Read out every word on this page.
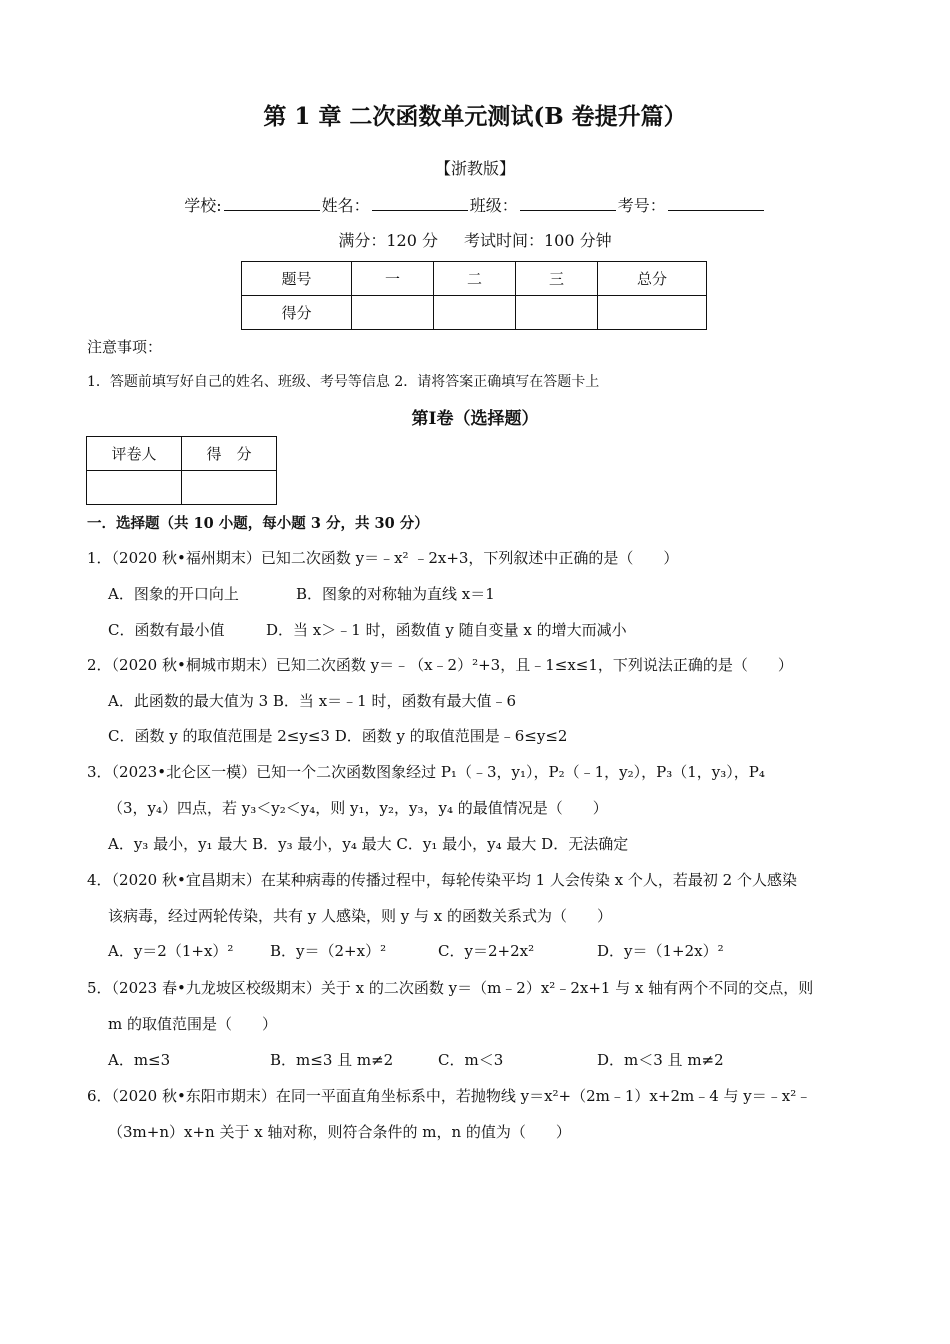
第 1 章 二次函数单元测试(B 卷提升篇）
【浙教版】
学校:	姓名：	班级：	考号：
满分：120 分 考试时间：100 分钟
题号	一	二	三	总分
得分				
注意事项：
1．答题前填写好自己的姓名、班级、考号等信息 2．请将答案正确填写在答题卡上
第Ⅰ卷（选择题）
评卷人	得　分

一．选择题（共 10 小题，每小题 3 分，共 30 分）
1．（2020 秋•福州期末）已知二次函数 y＝﹣x² ﹣2x+3，下列叙述中正确的是（　　）
A．图象的开口向上	B．图象的对称轴为直线 x＝1
C．函数有最小值	D．当 x＞﹣1 时，函数值 y 随自变量 x 的增大而减小
2．（2020 秋•桐城市期末）已知二次函数 y＝﹣（x﹣2）²+3，且﹣1≤x≤1，下列说法正确的是（　　）
A．此函数的最大值为 3 B．当 x＝﹣1 时，函数有最大值﹣6
C．函数 y 的取值范围是 2≤y≤3 D．函数 y 的取值范围是﹣6≤y≤2
3．（2023•北仑区一模）已知一个二次函数图象经过 P₁（﹣3，y₁），P₂（﹣1，y₂），P₃（1，y₃），P₄
（3，y₄）四点，若 y₃＜y₂＜y₄，则 y₁，y₂，y₃，y₄ 的最值情况是（　　）
A．y₃ 最小，y₁ 最大 B．y₃ 最小，y₄ 最大 C．y₁ 最小，y₄ 最大 D．无法确定
4．（2020 秋•宜昌期末）在某种病毒的传播过程中，每轮传染平均 1 人会传染 x 个人，若最初 2 个人感染
该病毒，经过两轮传染，共有 y 人感染，则 y 与 x 的函数关系式为（　　）
A．y＝2（1+x）² B．y＝（2+x）²	C．y＝2+2x²	D．y＝（1+2x）²
5．（2023 春•九龙坡区校级期末）关于 x 的二次函数 y＝（m﹣2）x²﹣2x+1 与 x 轴有两个不同的交点，则
m 的取值范围是（　　）
A．m≤3	B．m≤3 且 m≠2	C．m＜3	D．m＜3 且 m≠2
6．（2020 秋•东阳市期末）在同一平面直角坐标系中，若抛物线 y＝x²+（2m﹣1）x+2m﹣4 与 y＝﹣x²﹣
（3m+n）x+n 关于 x 轴对称，则符合条件的 m，n 的值为（　　）
